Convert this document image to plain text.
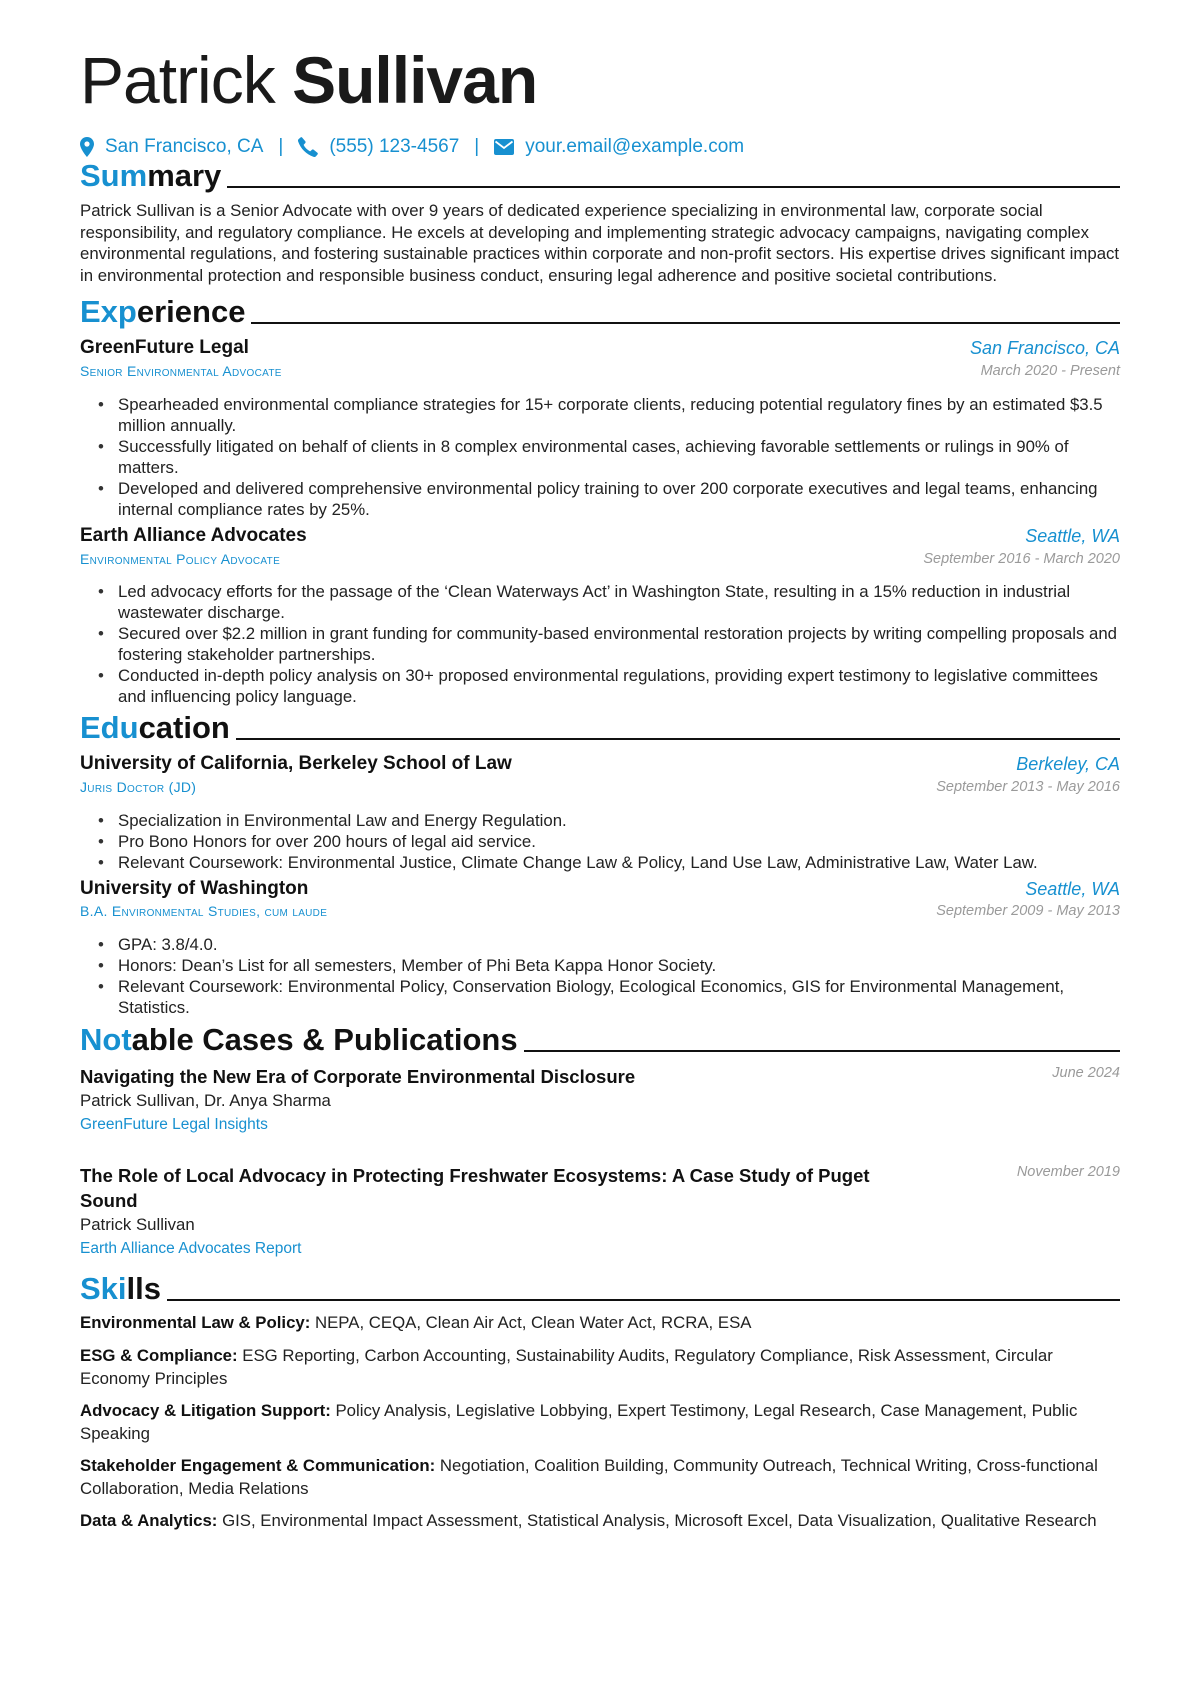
Patrick Sullivan
San Francisco, CA | (555) 123-4567 | your.email@example.com
Summary
Patrick Sullivan is a Senior Advocate with over 9 years of dedicated experience specializing in environmental law, corporate social responsibility, and regulatory compliance. He excels at developing and implementing strategic advocacy campaigns, navigating complex environmental regulations, and fostering sustainable practices within corporate and non-profit sectors. His expertise drives significant impact in environmental protection and responsible business conduct, ensuring legal adherence and positive societal contributions.
Experience
GreenFuture Legal	San Francisco, CA
Senior Environmental Advocate	March 2020 - Present
• Spearheaded environmental compliance strategies for 15+ corporate clients, reducing potential regulatory fines by an estimated $3.5 million annually.
• Successfully litigated on behalf of clients in 8 complex environmental cases, achieving favorable settlements or rulings in 90% of matters.
• Developed and delivered comprehensive environmental policy training to over 200 corporate executives and legal teams, enhancing internal compliance rates by 25%.
Earth Alliance Advocates	Seattle, WA
Environmental Policy Advocate	September 2016 - March 2020
• Led advocacy efforts for the passage of the ‘Clean Waterways Act’ in Washington State, resulting in a 15% reduction in industrial wastewater discharge.
• Secured over $2.2 million in grant funding for community-based environmental restoration projects by writing compelling proposals and fostering stakeholder partnerships.
• Conducted in-depth policy analysis on 30+ proposed environmental regulations, providing expert testimony to legislative committees and influencing policy language.
Education
University of California, Berkeley School of Law	Berkeley, CA
Juris Doctor (JD)	September 2013 - May 2016
• Specialization in Environmental Law and Energy Regulation.
• Pro Bono Honors for over 200 hours of legal aid service.
• Relevant Coursework: Environmental Justice, Climate Change Law & Policy, Land Use Law, Administrative Law, Water Law.
University of Washington	Seattle, WA
B.A. Environmental Studies, cum laude	September 2009 - May 2013
• GPA: 3.8/4.0.
• Honors: Dean’s List for all semesters, Member of Phi Beta Kappa Honor Society.
• Relevant Coursework: Environmental Policy, Conservation Biology, Ecological Economics, GIS for Environmental Management, Statistics.
Notable Cases & Publications
Navigating the New Era of Corporate Environmental Disclosure	June 2024
Patrick Sullivan, Dr. Anya Sharma
GreenFuture Legal Insights
The Role of Local Advocacy in Protecting Freshwater Ecosystems: A Case Study of Puget Sound
November 2019
Patrick Sullivan
Earth Alliance Advocates Report
Skills
Environmental Law & Policy: NEPA, CEQA, Clean Air Act, Clean Water Act, RCRA, ESA
ESG & Compliance: ESG Reporting, Carbon Accounting, Sustainability Audits, Regulatory Compliance, Risk Assessment, Circular Economy Principles
Advocacy & Litigation Support: Policy Analysis, Legislative Lobbying, Expert Testimony, Legal Research, Case Management, Public Speaking
Stakeholder Engagement & Communication: Negotiation, Coalition Building, Community Outreach, Technical Writing, Cross-functional Collaboration, Media Relations
Data & Analytics: GIS, Environmental Impact Assessment, Statistical Analysis, Microsoft Excel, Data Visualization, Qualitative Research
